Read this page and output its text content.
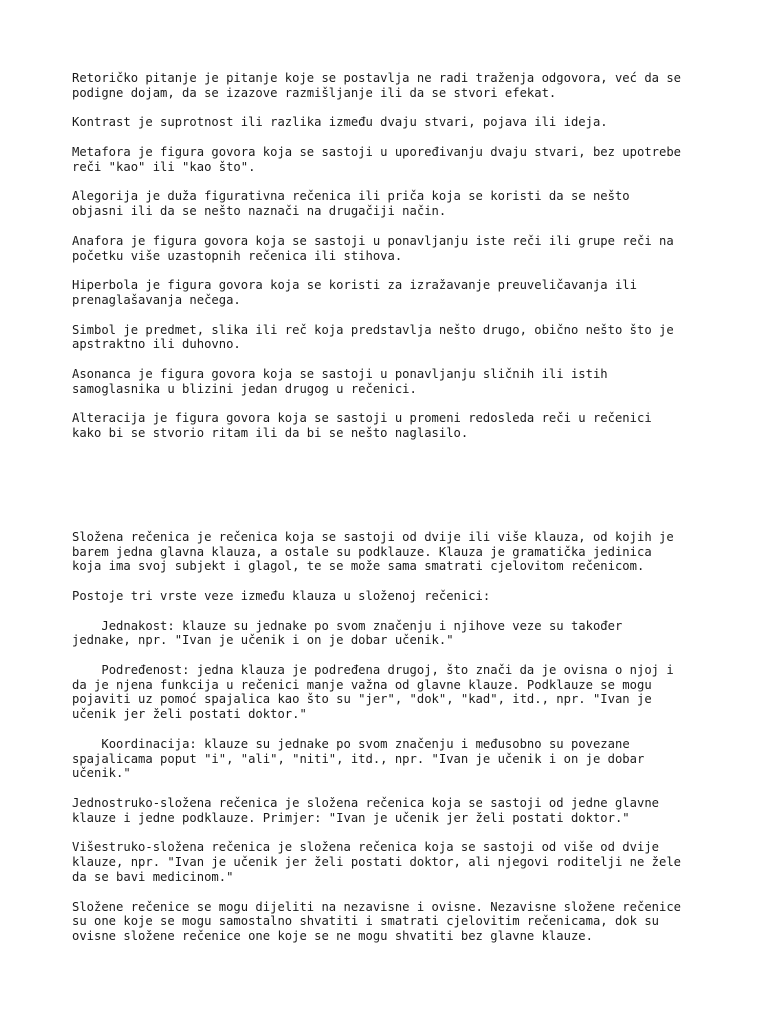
Retoričko pitanje je pitanje koje se postavlja ne radi traženja odgovora, već da se
podigne dojam, da se izazove razmišljanje ili da se stvori efekat.

Kontrast je suprotnost ili razlika između dvaju stvari, pojava ili ideja.

Metafora je figura govora koja se sastoji u upoređivanju dvaju stvari, bez upotrebe
reči "kao" ili "kao što".

Alegorija je duža figurativna rečenica ili priča koja se koristi da se nešto
objasni ili da se nešto naznači na drugačiji način.

Anafora je figura govora koja se sastoji u ponavljanju iste reči ili grupe reči na
početku više uzastopnih rečenica ili stihova.

Hiperbola je figura govora koja se koristi za izražavanje preuveličavanja ili
prenaglašavanja nečega.

Simbol je predmet, slika ili reč koja predstavlja nešto drugo, obično nešto što je
apstraktno ili duhovno.

Asonanca je figura govora koja se sastoji u ponavljanju sličnih ili istih
samoglasnika u blizini jedan drugog u rečenici.

Alteracija je figura govora koja se sastoji u promeni redosleda reči u rečenici
kako bi se stvorio ritam ili da bi se nešto naglasilo.

Složena rečenica je rečenica koja se sastoji od dvije ili više klauza, od kojih je
barem jedna glavna klauza, a ostale su podklauze. Klauza je gramatička jedinica
koja ima svoj subjekt i glagol, te se može sama smatrati cjelovitom rečenicom.

Postoje tri vrste veze između klauza u složenoj rečenici:

Jednakost: klauze su jednake po svom značenju i njihove veze su također
jednake, npr. "Ivan je učenik i on je dobar učenik."

Podređenost: jedna klauza je podređena drugoj, što znači da je ovisna o njoj i
da je njena funkcija u rečenici manje važna od glavne klauze. Podklauze se mogu
pojaviti uz pomoć spajalica kao što su "jer", "dok", "kad", itd., npr. "Ivan je
učenik jer želi postati doktor."

Koordinacija: klauze su jednake po svom značenju i međusobno su povezane
spajalicama poput "i", "ali", "niti", itd., npr. "Ivan je učenik i on je dobar
učenik."

Jednostruko-složena rečenica je složena rečenica koja se sastoji od jedne glavne
klauze i jedne podklauze. Primjer: "Ivan je učenik jer želi postati doktor."

Višestruko-složena rečenica je složena rečenica koja se sastoji od više od dvije
klauze, npr. "Ivan je učenik jer želi postati doktor, ali njegovi roditelji ne žele
da se bavi medicinom."

Složene rečenice se mogu dijeliti na nezavisne i ovisne. Nezavisne složene rečenice
su one koje se mogu samostalno shvatiti i smatrati cjelovitim rečenicama, dok su
ovisne složene rečenice one koje se ne mogu shvatiti bez glavne klauze.
